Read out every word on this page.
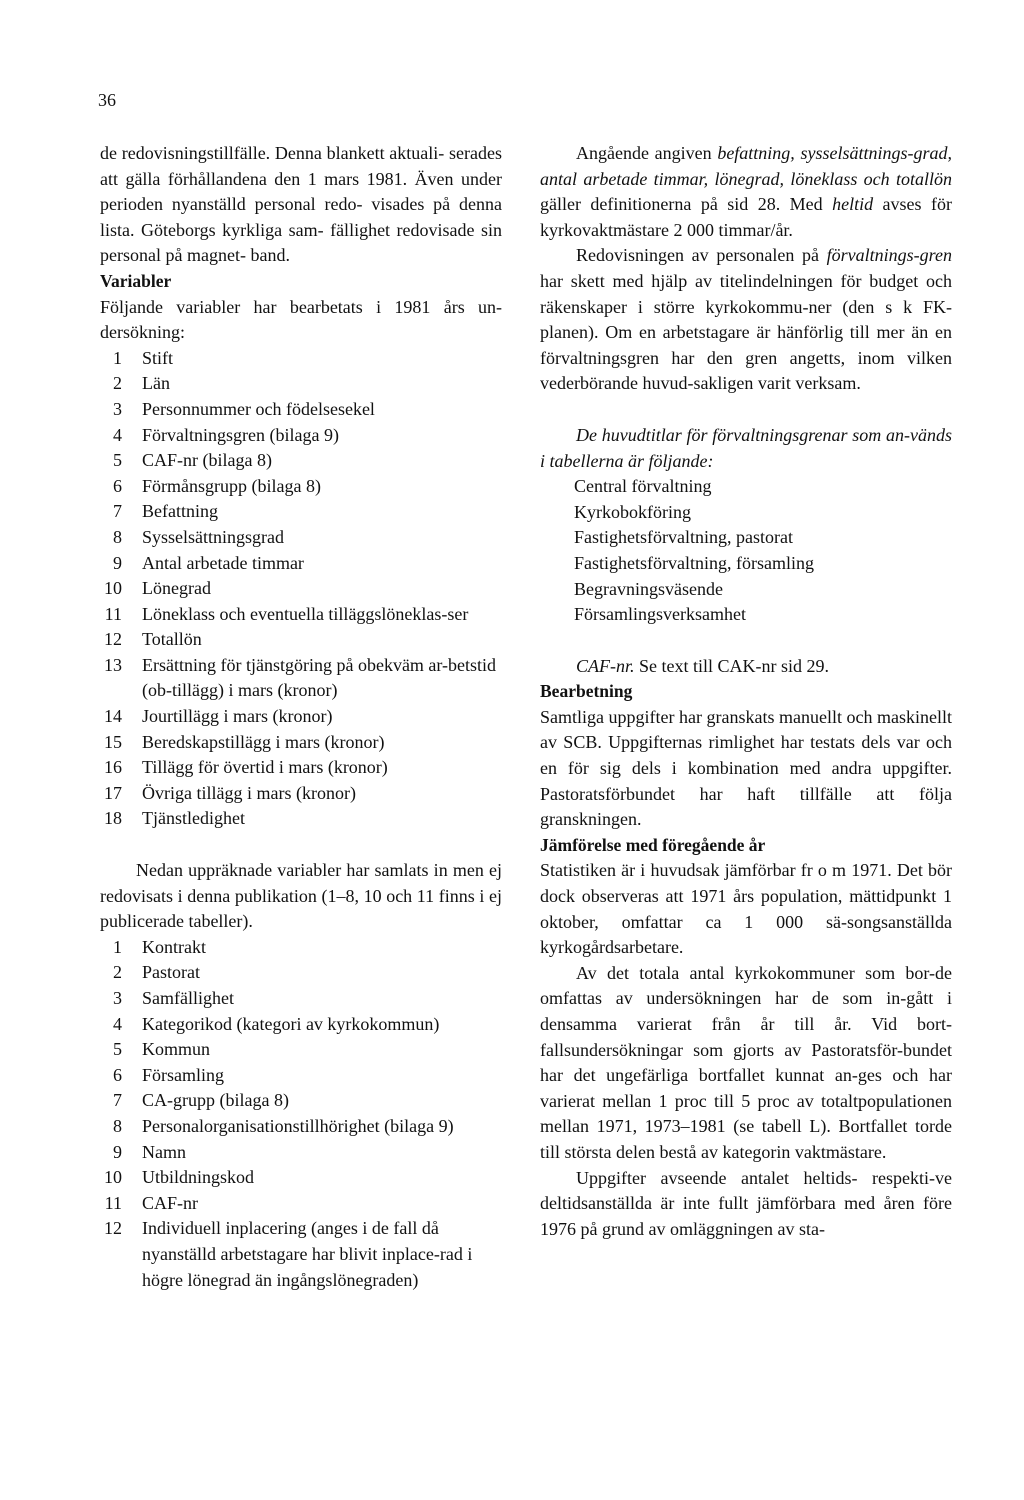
36

de redovisningstillfälle. Denna blankett aktuali- serades att gälla förhållandena den 1 mars 1981. Även under perioden nyanställd personal redo- visades på denna lista. Göteborgs kyrkliga sam- fällighet redovisade sin personal på magnet- band.

Variabler

Följande variabler har bearbetats i 1981 års un-dersökning:

1 Stift
2 Län
3 Personnummer och födelsesekel
4 Förvaltningsgren (bilaga 9)
5 CAF-nr (bilaga 8)
6 Förmånsgrupp (bilaga 8)
7 Befattning
8 Sysselsättningsgrad
9 Antal arbetade timmar
10 Lönegrad
11 Löneklass och eventuella tilläggslöneklas-ser
12 Totallön
13 Ersättning för tjänstgöring på obekväm ar-betstid (ob-tillägg) i mars (kronor)
14 Jourtillägg i mars (kronor)
15 Beredskapstillägg i mars (kronor)
16 Tillägg för övertid i mars (kronor)
17 Övriga tillägg i mars (kronor)
18 Tjänstledighet

Nedan uppräknade variabler har samlats in men ej redovisats i denna publikation (1–8, 10 och 11 finns i ej publicerade tabeller).

1 Kontrakt
2 Pastorat
3 Samfällighet
4 Kategorikod (kategori av kyrkokommun)
5 Kommun
6 Församling
7 CA-grupp (bilaga 8)
8 Personalorganisationstillhörighet (bilaga 9)
9 Namn
10 Utbildningskod
11 CAF-nr
12 Individuell inplacering (anges i de fall då nyanställd arbetstagare har blivit inplace-rad i högre lönegrad än ingångslönegraden)

Angående angiven befattning, sysselsättnings-grad, antal arbetade timmar, lönegrad, löneklass och totallön gäller definitionerna på sid 28. Med heltid avses för kyrkovaktmästare 2 000 timmar/år.

Redovisningen av personalen på förvaltnings-gren har skett med hjälp av titelindelningen för budget och räkenskaper i större kyrkokommu-ner (den s k FK-planen). Om en arbetstagare är hänförlig till mer än en förvaltningsgren har den gren angetts, inom vilken vederbörande huvud-sakligen varit verksam.

De huvudtitlar för förvaltningsgrenar som an-vänds i tabellerna är följande:

Central förvaltning
Kyrkobokföring
Fastighetsförvaltning, pastorat
Fastighetsförvaltning, församling
Begravningsväsende
Församlingsverksamhet

CAF-nr. Se text till CAK-nr sid 29.

Bearbetning

Samtliga uppgifter har granskats manuellt och maskinellt av SCB. Uppgifternas rimlighet har testats dels var och en för sig dels i kombination med andra uppgifter. Pastoratsförbundet har haft tillfälle att följa granskningen.

Jämförelse med föregående år

Statistiken är i huvudsak jämförbar fr o m 1971. Det bör dock observeras att 1971 års population, mättidpunkt 1 oktober, omfattar ca 1 000 sä-songsanställda kyrkogårdsarbetare.

Av det totala antal kyrkokommuner som bor-de omfattas av undersökningen har de som in-gått i densamma varierat från år till år. Vid bort-fallsundersökningar som gjorts av Pastoratsför-bundet har det ungefärliga bortfallet kunnat an-ges och har varierat mellan 1 proc till 5 proc av totaltpopulationen mellan 1971, 1973–1981 (se tabell L). Bortfallet torde till största delen bestå av kategorin vaktmästare.

Uppgifter avseende antalet heltids- respekti-ve deltidsanställda är inte fullt jämförbara med åren före 1976 på grund av omläggningen av sta-
